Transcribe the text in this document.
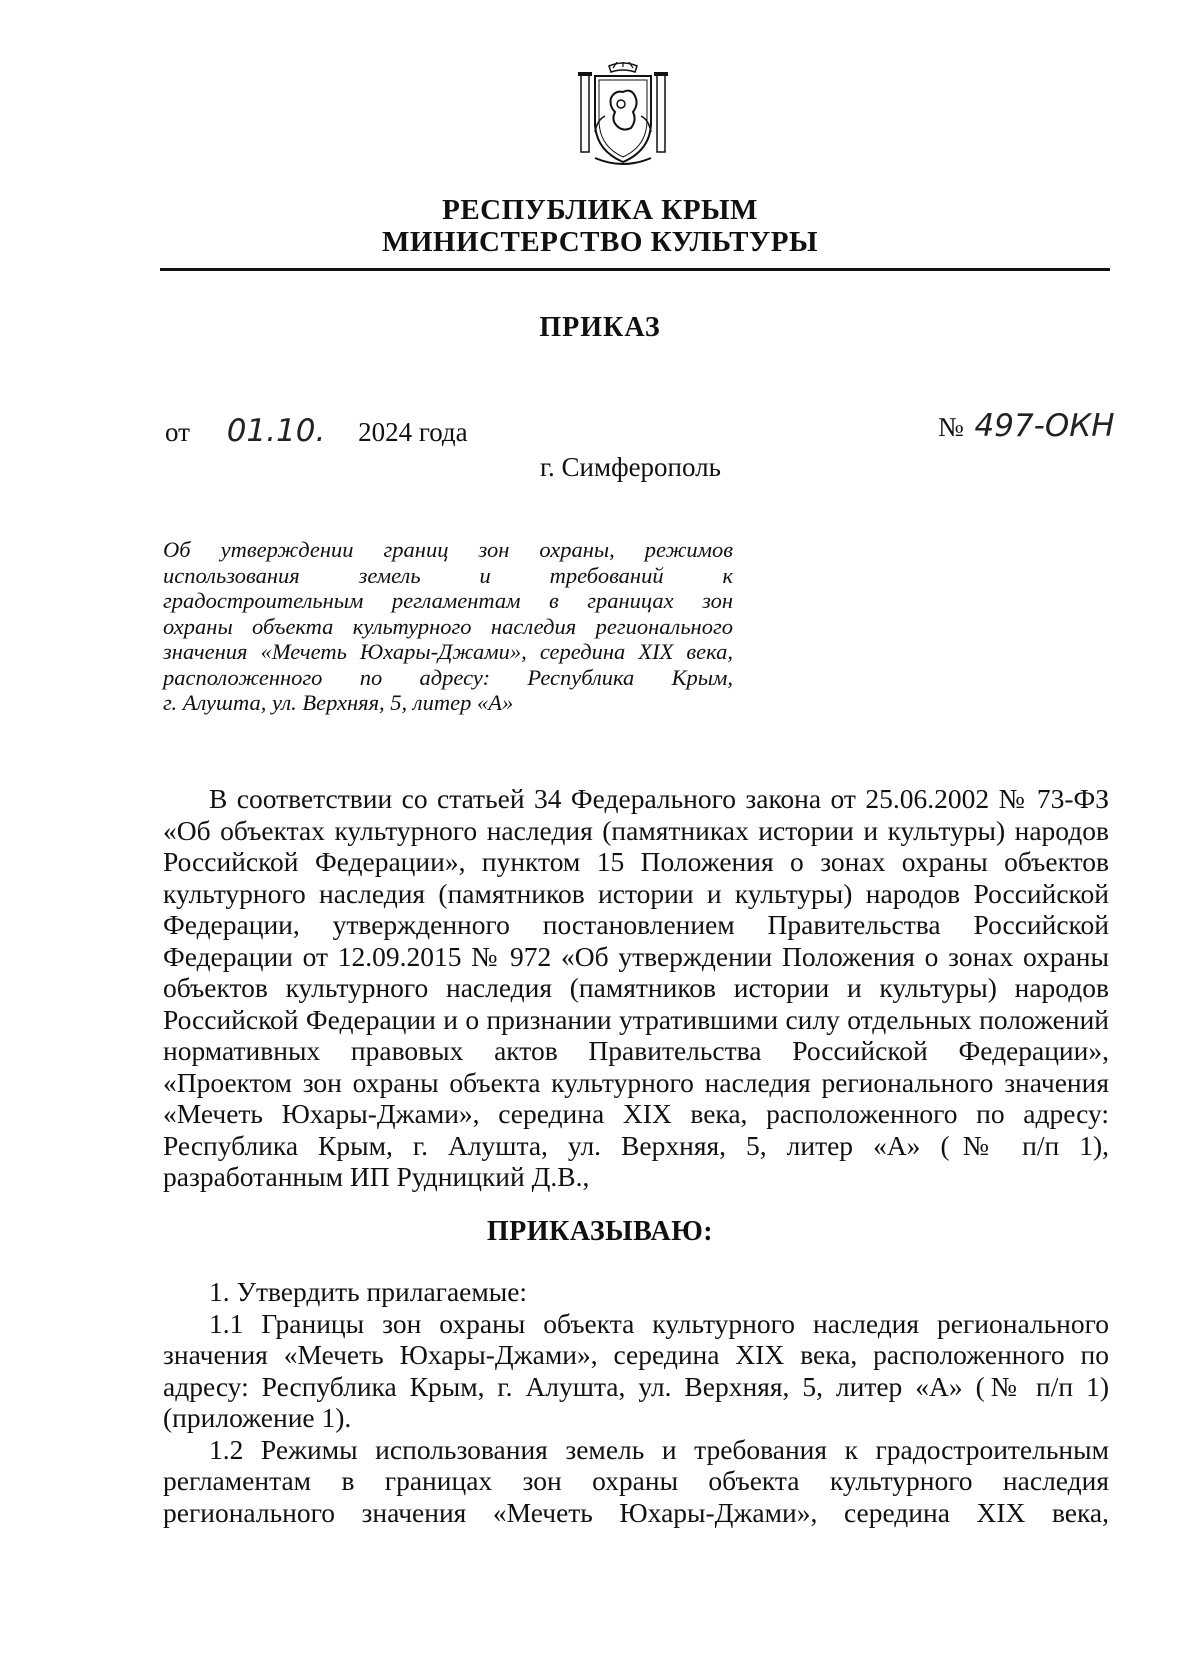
РЕСПУБЛИКА КРЫМ
МИНИСТЕРСТВО КУЛЬТУРЫ
ПРИКАЗ
от 01.10. 2024 года	№ 497-ОКН
г. Симферополь
Об утверждении границ зон охраны, режимов
использования земель и требований к
градостроительным регламентам в границах зон
охраны объекта культурного наследия регионального
значения «Мечеть Юхары-Джами», середина XIX века,
расположенного по адресу: Республика Крым,
г. Алушта, ул. Верхняя, 5, литер «А»
В соответствии со статьей 34 Федерального закона от 25.06.2002 № 73-ФЗ
«Об объектах культурного наследия (памятниках истории и культуры) народов
Российской Федерации», пунктом 15 Положения о зонах охраны объектов
культурного наследия (памятников истории и культуры) народов Российской
Федерации, утвержденного постановлением Правительства Российской
Федерации от 12.09.2015 № 972 «Об утверждении Положения о зонах охраны
объектов культурного наследия (памятников истории и культуры) народов
Российской Федерации и о признании утратившими силу отдельных положений
нормативных правовых актов Правительства Российской Федерации»,
«Проектом зон охраны объекта культурного наследия регионального значения
«Мечеть Юхары-Джами», середина XIX века, расположенного по адресу:
Республика Крым, г. Алушта, ул. Верхняя, 5, литер «А» (№ п/п 1),
разработанным ИП Рудницкий Д.В.,
ПРИКАЗЫВАЮ:
1. Утвердить прилагаемые:
1.1 Границы зон охраны объекта культурного наследия регионального
значения «Мечеть Юхары-Джами», середина XIX века, расположенного по
адресу: Республика Крым, г. Алушта, ул. Верхняя, 5, литер «А» (№ п/п 1)
(приложение 1).
1.2 Режимы использования земель и требования к градостроительным
регламентам в границах зон охраны объекта культурного наследия
регионального значения «Мечеть Юхары-Джами», середина XIX века,
